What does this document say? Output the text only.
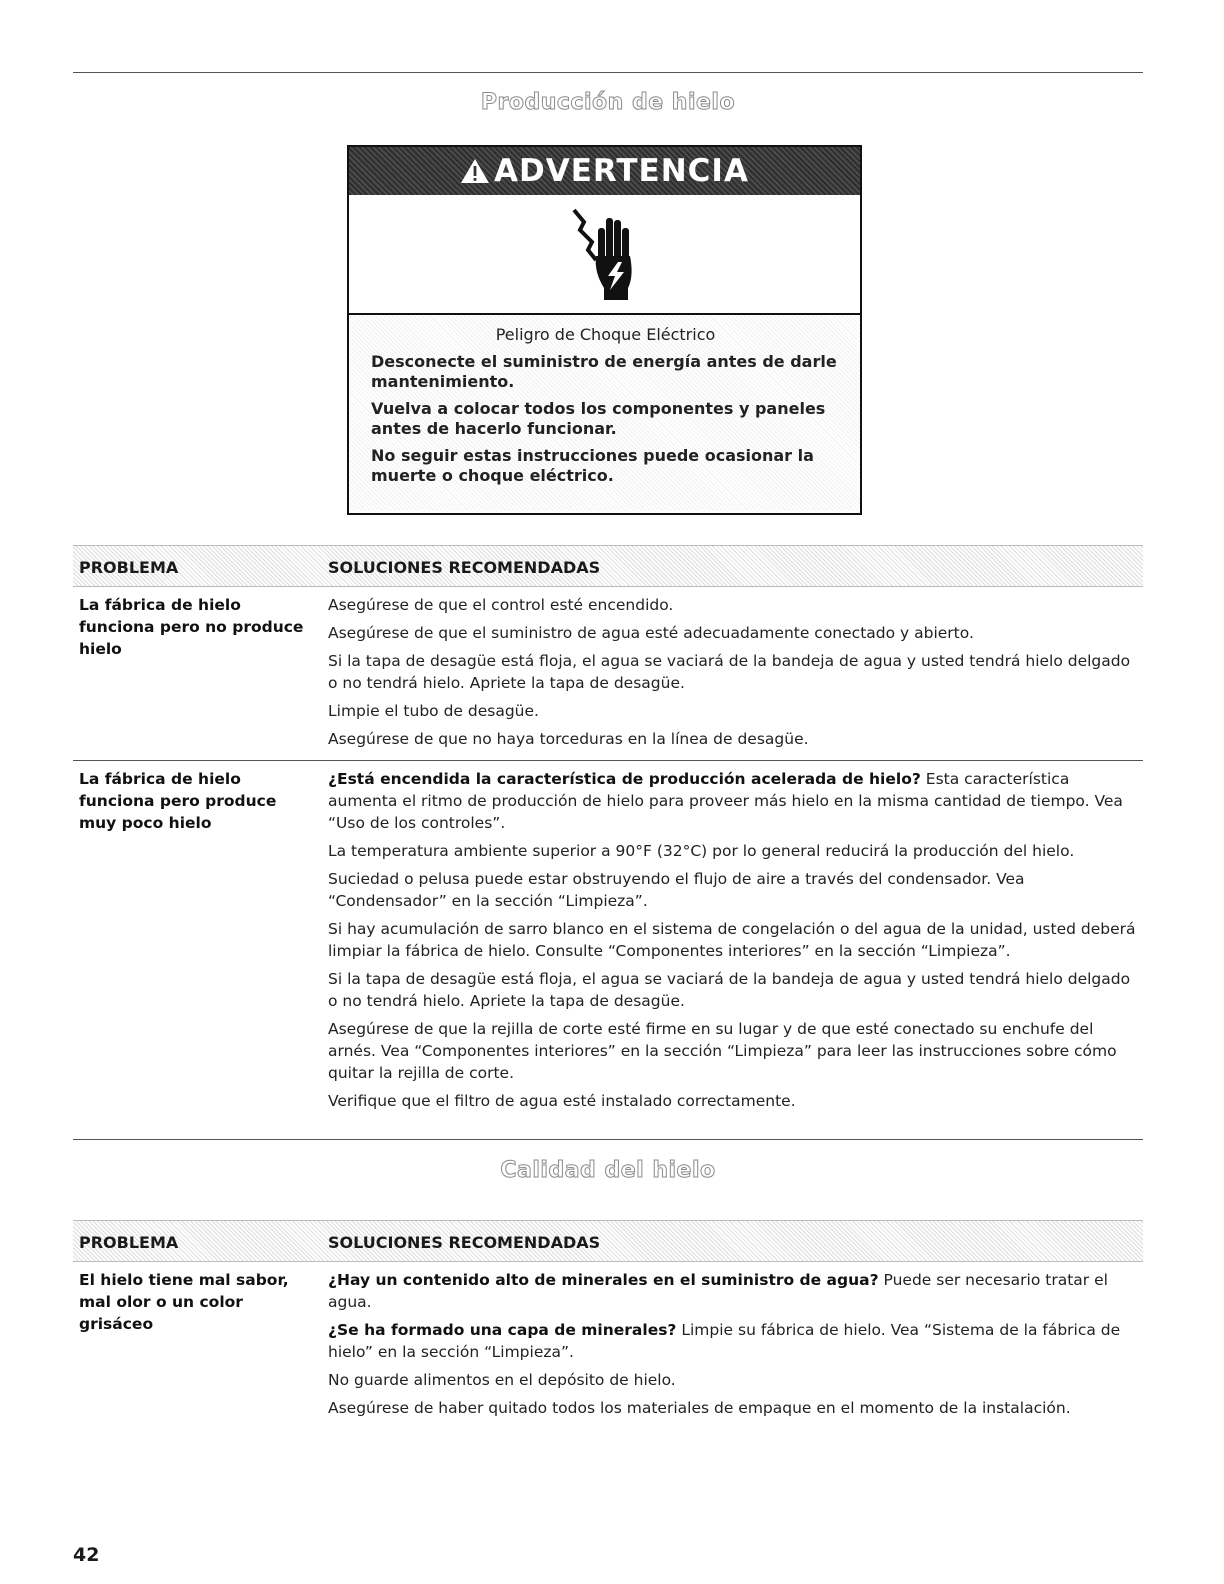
Producción de hielo
ADVERTENCIA
Peligro de Choque Eléctrico

Desconecte el suministro de energía antes de darle mantenimiento.

Vuelva a colocar todos los componentes y paneles antes de hacerlo funcionar.

No seguir estas instrucciones puede ocasionar la muerte o choque eléctrico.

PROBLEMA	SOLUCIONES RECOMENDADAS
La fábrica de hielo funciona pero no produce hielo

Asegúrese de que el control esté encendido.

Asegúrese de que el suministro de agua esté adecuadamente conectado y abierto.

Si la tapa de desagüe está floja, el agua se vaciará de la bandeja de agua y usted tendrá hielo delgado o no tendrá hielo. Apriete la tapa de desagüe.

Limpie el tubo de desagüe.

Asegúrese de que no haya torceduras en la línea de desagüe.

La fábrica de hielo funciona pero produce muy poco hielo

¿Está encendida la característica de producción acelerada de hielo? Esta característica aumenta el ritmo de producción de hielo para proveer más hielo en la misma cantidad de tiempo. Vea “Uso de los controles”.

La temperatura ambiente superior a 90°F (32°C) por lo general reducirá la producción del hielo.

Suciedad o pelusa puede estar obstruyendo el flujo de aire a través del condensador. Vea “Condensador” en la sección “Limpieza”.

Si hay acumulación de sarro blanco en el sistema de congelación o del agua de la unidad, usted deberá limpiar la fábrica de hielo. Consulte “Componentes interiores” en la sección “Limpieza”.

Si la tapa de desagüe está floja, el agua se vaciará de la bandeja de agua y usted tendrá hielo delgado o no tendrá hielo. Apriete la tapa de desagüe.

Asegúrese de que la rejilla de corte esté firme en su lugar y de que esté conectado su enchufe del arnés. Vea “Componentes interiores” en la sección “Limpieza” para leer las instrucciones sobre cómo quitar la rejilla de corte.

Verifique que el filtro de agua esté instalado correctamente.

Calidad del hielo
PROBLEMA	SOLUCIONES RECOMENDADAS
El hielo tiene mal sabor, mal olor o un color grisáceo

¿Hay un contenido alto de minerales en el suministro de agua? Puede ser necesario tratar el agua.

¿Se ha formado una capa de minerales? Limpie su fábrica de hielo. Vea “Sistema de la fábrica de hielo” en la sección “Limpieza”.

No guarde alimentos en el depósito de hielo.

Asegúrese de haber quitado todos los materiales de empaque en el momento de la instalación.

42
